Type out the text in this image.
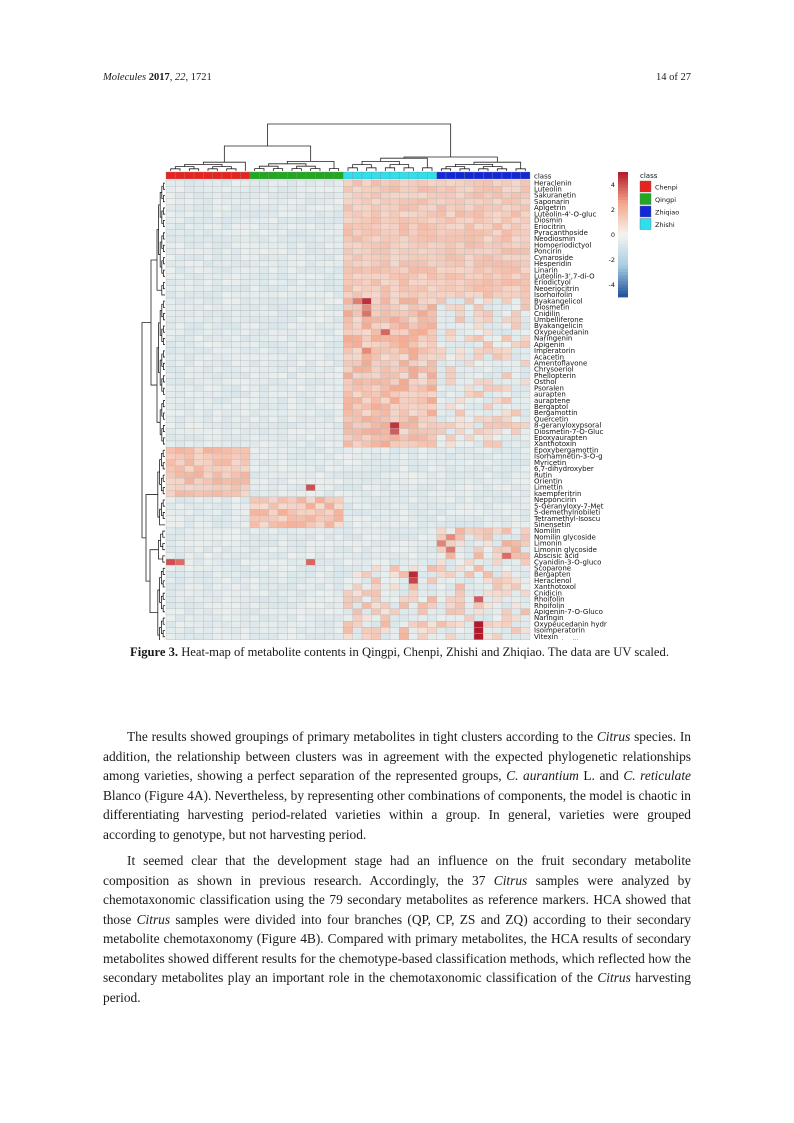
Molecules 2017, 22, 1721	14 of 27
class
Heraclenin
Luteolin
Sakuranetin
Saponarin
Apigetrin
Luteolin-4'-O-gluc
Diosmin
Eriocitrin
Pyracanthoside
Neodiosmin
Homoeriodictyol
Poncirin
Cynaroside
Hesperidin
Linarin
Luteolin-3',7-di-O
Eriodictyol
Neoeriocitrin
Isorhoifolin
Byakangelicol
Diosmetin
Cnidilin
Umbelliferone
Byakangelicin
Oxypeucedanin
Naringenin
Apigenin
Imperatorin
Acacetin
Amentoflavone
Chrysoeriol
Phellopterin
Osthol
Psoralen
aurapten
auraptene
Bergaptol
Bergamottin
Quercetin
8-geranyloxypsoral
Diosmetin-7-O-Gluc
Epoxyaurapten
Xanthotoxin
Epoxybergamottin
Isorhamnetin-3-O-g
Myricetin
6,7-dihydroxyber
Rutin
Orientin
Limettin
kaempferitrin
Nepponcirin
5-Geranyloxy-7-Met
5-demethylnobileti
Tetramethyl-Isoscu
Sinensetin
Nomilin
Nomilin glycoside
Limonin
Limonin glycoside
Abscisic acid
Cyanidin-3-O-gluco
Scoparone
Bergapten
Heraclenol
Xanthotoxol
Cnidicin
Rhoifolin
Rhoifolin
Apigenin-7-O-Gluco
Naringin
Oxypeucedanin hydr
Isoimperatorin
Vitexin
4
2
0
-2
-4
class
Chenpi
Qingpi
Zhiqiao
Zhishi
Figure 3. Heat-map of metabolite contents in Qingpi, Chenpi, Zhishi and Zhiqiao. The data are UV scaled.

The results showed groupings of primary metabolites in tight clusters according to the Citrus species. In addition, the relationship between clusters was in agreement with the expected phylogenetic relationships among varieties, showing a perfect separation of the represented groups, C. aurantium L. and C. reticulate Blanco (Figure 4A). Nevertheless, by representing other combinations of components, the model is chaotic in differentiating harvesting period-related varieties within a group. In general, varieties were grouped according to genotype, but not harvesting period.

It seemed clear that the development stage had an influence on the fruit secondary metabolite composition as shown in previous research. Accordingly, the 37 Citrus samples were analyzed by chemotaxonomic classification using the 79 secondary metabolites as reference markers. HCA showed that those Citrus samples were divided into four branches (QP, CP, ZS and ZQ) according to their secondary metabolite chemotaxonomy (Figure 4B). Compared with primary metabolites, the HCA results of secondary metabolites showed different results for the chemotype-based classification methods, which reflected how the secondary metabolites play an important role in the chemotaxonomic classification of the Citrus harvesting period.
